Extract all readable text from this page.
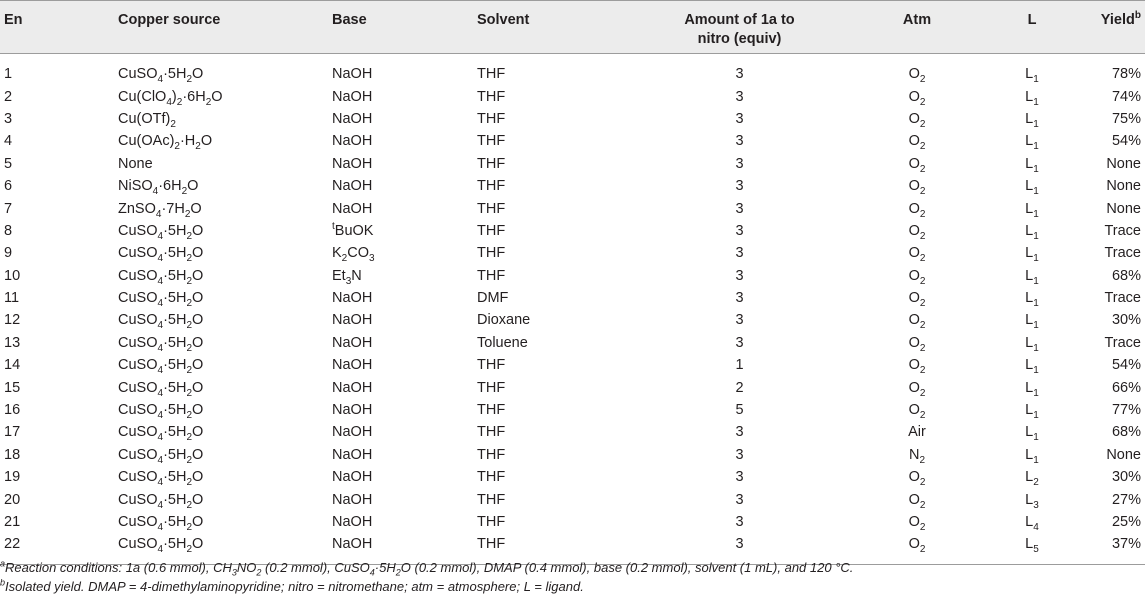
En	Copper source	Base	Solvent	Amount of 1a to
nitro (equiv)	Atm	L	Yield$^b$

1	$CuSO_4\cdot 5H_2O$	NaOH	THF	3	$O_2$	$L_1$	78%
2	$Cu(ClO_4)_2\cdot 6H_2O$	NaOH	THF	3	$O_2$	$L_1$	74%
3	$Cu(OTf)_2$	NaOH	THF	3	$O_2$	$L_1$	75%
4	$Cu(OAc)_2\cdot H_2O$	NaOH	THF	3	$O_2$	$L_1$	54%
5	None	NaOH	THF	3	$O_2$	$L_1$	None
6	$NiSO_4\cdot 6H_2O$	NaOH	THF	3	$O_2$	$L_1$	None
7	$ZnSO_4\cdot 7H_2O$	NaOH	THF	3	$O_2$	$L_1$	None
8	$CuSO_4\cdot 5H_2O$	$^t$BuOK	THF	3	$O_2$	$L_1$	Trace
9	$CuSO_4\cdot 5H_2O$	$K_2CO_3$	THF	3	$O_2$	$L_1$	Trace
10	$CuSO_4\cdot 5H_2O$	$Et_3N$	THF	3	$O_2$	$L_1$	68%
11	$CuSO_4\cdot 5H_2O$	NaOH	DMF	3	$O_2$	$L_1$	Trace
12	$CuSO_4\cdot 5H_2O$	NaOH	Dioxane	3	$O_2$	$L_1$	30%
13	$CuSO_4\cdot 5H_2O$	NaOH	Toluene	3	$O_2$	$L_1$	Trace
14	$CuSO_4\cdot 5H_2O$	NaOH	THF	1	$O_2$	$L_1$	54%
15	$CuSO_4\cdot 5H_2O$	NaOH	THF	2	$O_2$	$L_1$	66%
16	$CuSO_4\cdot 5H_2O$	NaOH	THF	5	$O_2$	$L_1$	77%
17	$CuSO_4\cdot 5H_2O$	NaOH	THF	3	Air	$L_1$	68%
18	$CuSO_4\cdot 5H_2O$	NaOH	THF	3	$N_2$	$L_1$	None
19	$CuSO_4\cdot 5H_2O$	NaOH	THF	3	$O_2$	$L_2$	30%
20	$CuSO_4\cdot 5H_2O$	NaOH	THF	3	$O_2$	$L_3$	27%
21	$CuSO_4\cdot 5H_2O$	NaOH	THF	3	$O_2$	$L_4$	25%
22	$CuSO_4\cdot 5H_2O$	NaOH	THF	3	$O_2$	$L_5$	37%
$^a$Reaction conditions: 1a (0.6 mmol), $CH_3NO_2$ (0.2 mmol), $CuSO_4\cdot 5H_2O$ (0.2 mmol), DMAP (0.4 mmol), base (0.2 mmol), solvent (1 mL), and 120 °C.
$^b$Isolated yield. DMAP = 4-dimethylaminopyridine; nitro = nitromethane; atm = atmosphere; L = ligand.
